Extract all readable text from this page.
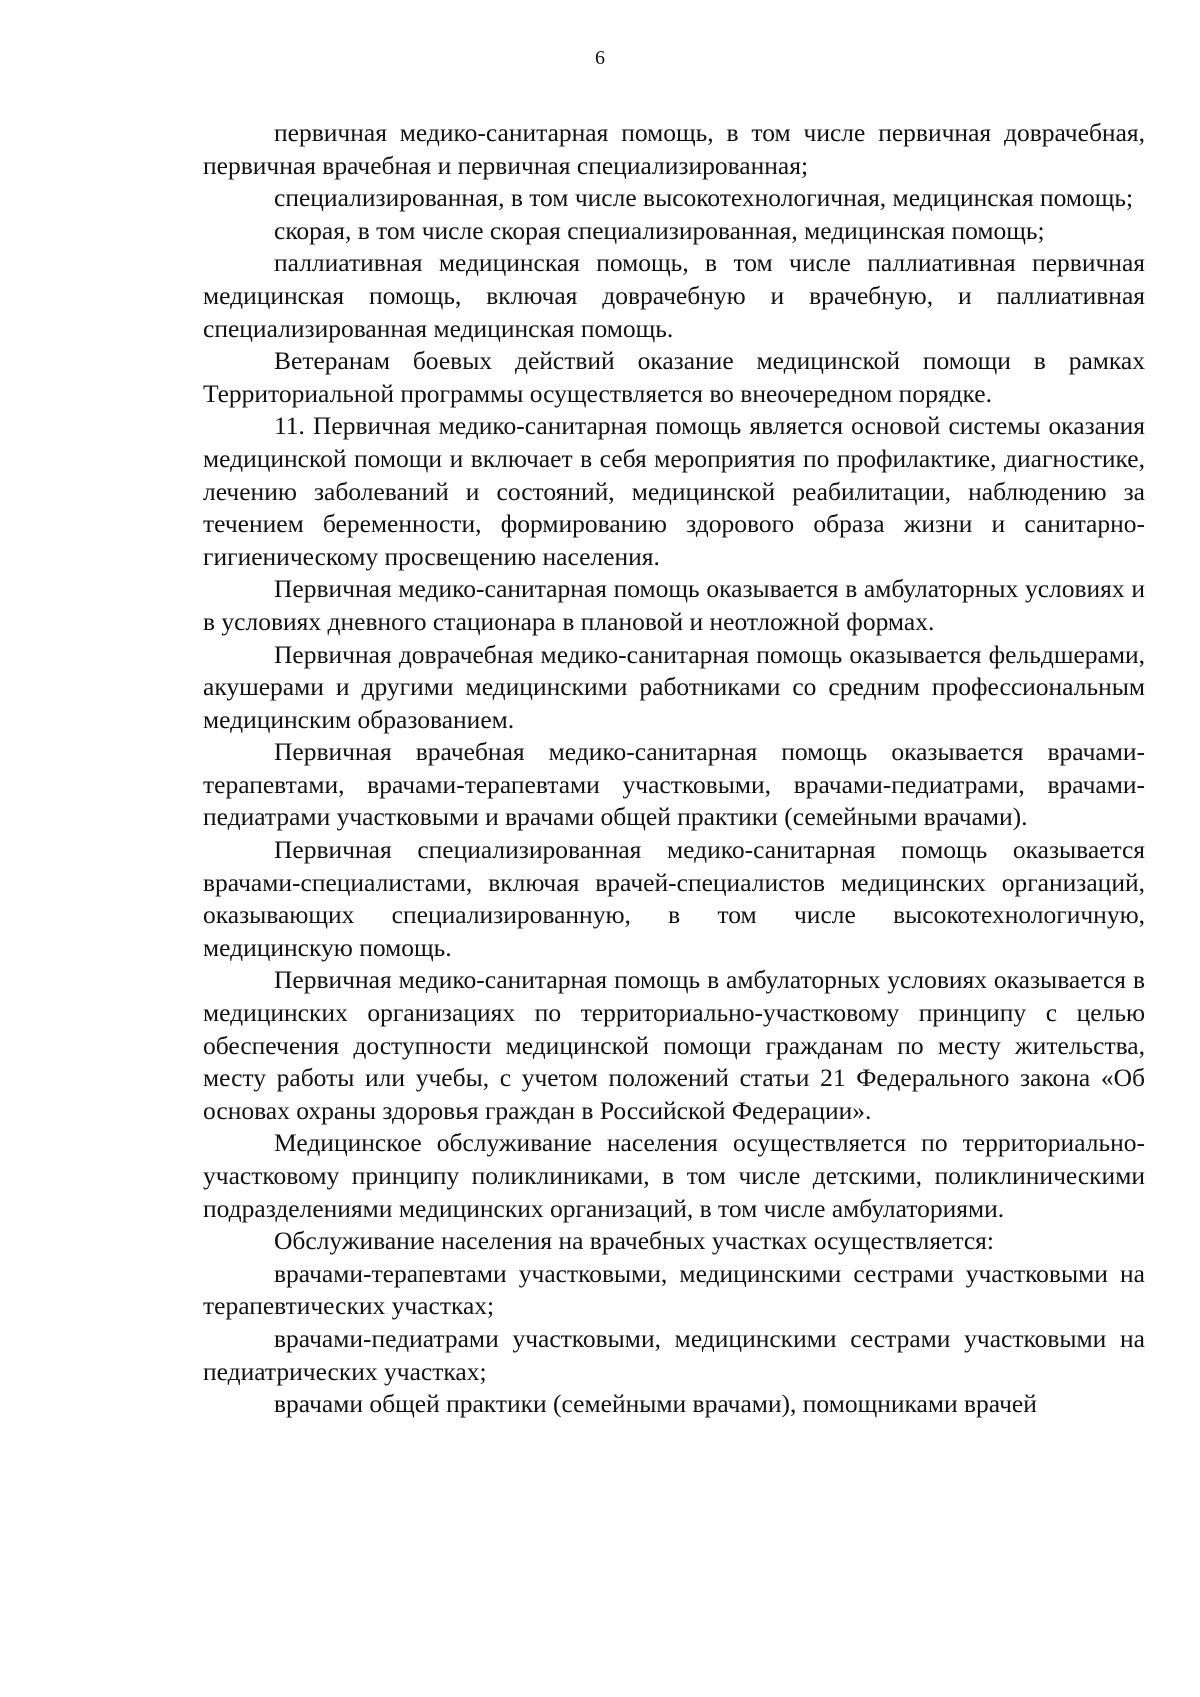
6

первичная медико-санитарная помощь, в том числе первичная доврачебная, первичная врачебная и первичная специализированная;

специализированная, в том числе высокотехнологичная, медицинская помощь;

скорая, в том числе скорая специализированная, медицинская помощь;

паллиативная медицинская помощь, в том числе паллиативная первичная медицинская помощь, включая доврачебную и врачебную, и паллиативная специализированная медицинская помощь.

Ветеранам боевых действий оказание медицинской помощи в рамках Территориальной программы осуществляется во внеочередном порядке.

11. Первичная медико-санитарная помощь является основой системы оказания медицинской помощи и включает в себя мероприятия по профилактике, диагностике, лечению заболеваний и состояний, медицинской реабилитации, наблюдению за течением беременности, формированию здорового образа жизни и санитарно-гигиеническому просвещению населения.

Первичная медико-санитарная помощь оказывается в амбулаторных условиях и в условиях дневного стационара в плановой и неотложной формах.

Первичная доврачебная медико-санитарная помощь оказывается фельдшерами, акушерами и другими медицинскими работниками со средним профессиональным медицинским образованием.

Первичная врачебная медико-санитарная помощь оказывается врачами-терапевтами, врачами-терапевтами участковыми, врачами-педиатрами, врачами-педиатрами участковыми и врачами общей практики (семейными врачами).

Первичная специализированная медико-санитарная помощь оказывается врачами-специалистами, включая врачей-специалистов медицинских организаций, оказывающих специализированную, в том числе высокотехнологичную, медицинскую помощь.

Первичная медико-санитарная помощь в амбулаторных условиях оказывается в медицинских организациях по территориально-участковому принципу с целью обеспечения доступности медицинской помощи гражданам по месту жительства, месту работы или учебы, с учетом положений статьи 21 Федерального закона «Об основах охраны здоровья граждан в Российской Федерации».

Медицинское обслуживание населения осуществляется по территориально-участковому принципу поликлиниками, в том числе детскими, поликлиническими подразделениями медицинских организаций, в том числе амбулаториями.

Обслуживание населения на врачебных участках осуществляется:

врачами-терапевтами участковыми, медицинскими сестрами участковыми на терапевтических участках;

врачами-педиатрами участковыми, медицинскими сестрами участковыми на педиатрических участках;

врачами общей практики (семейными врачами), помощниками врачей
